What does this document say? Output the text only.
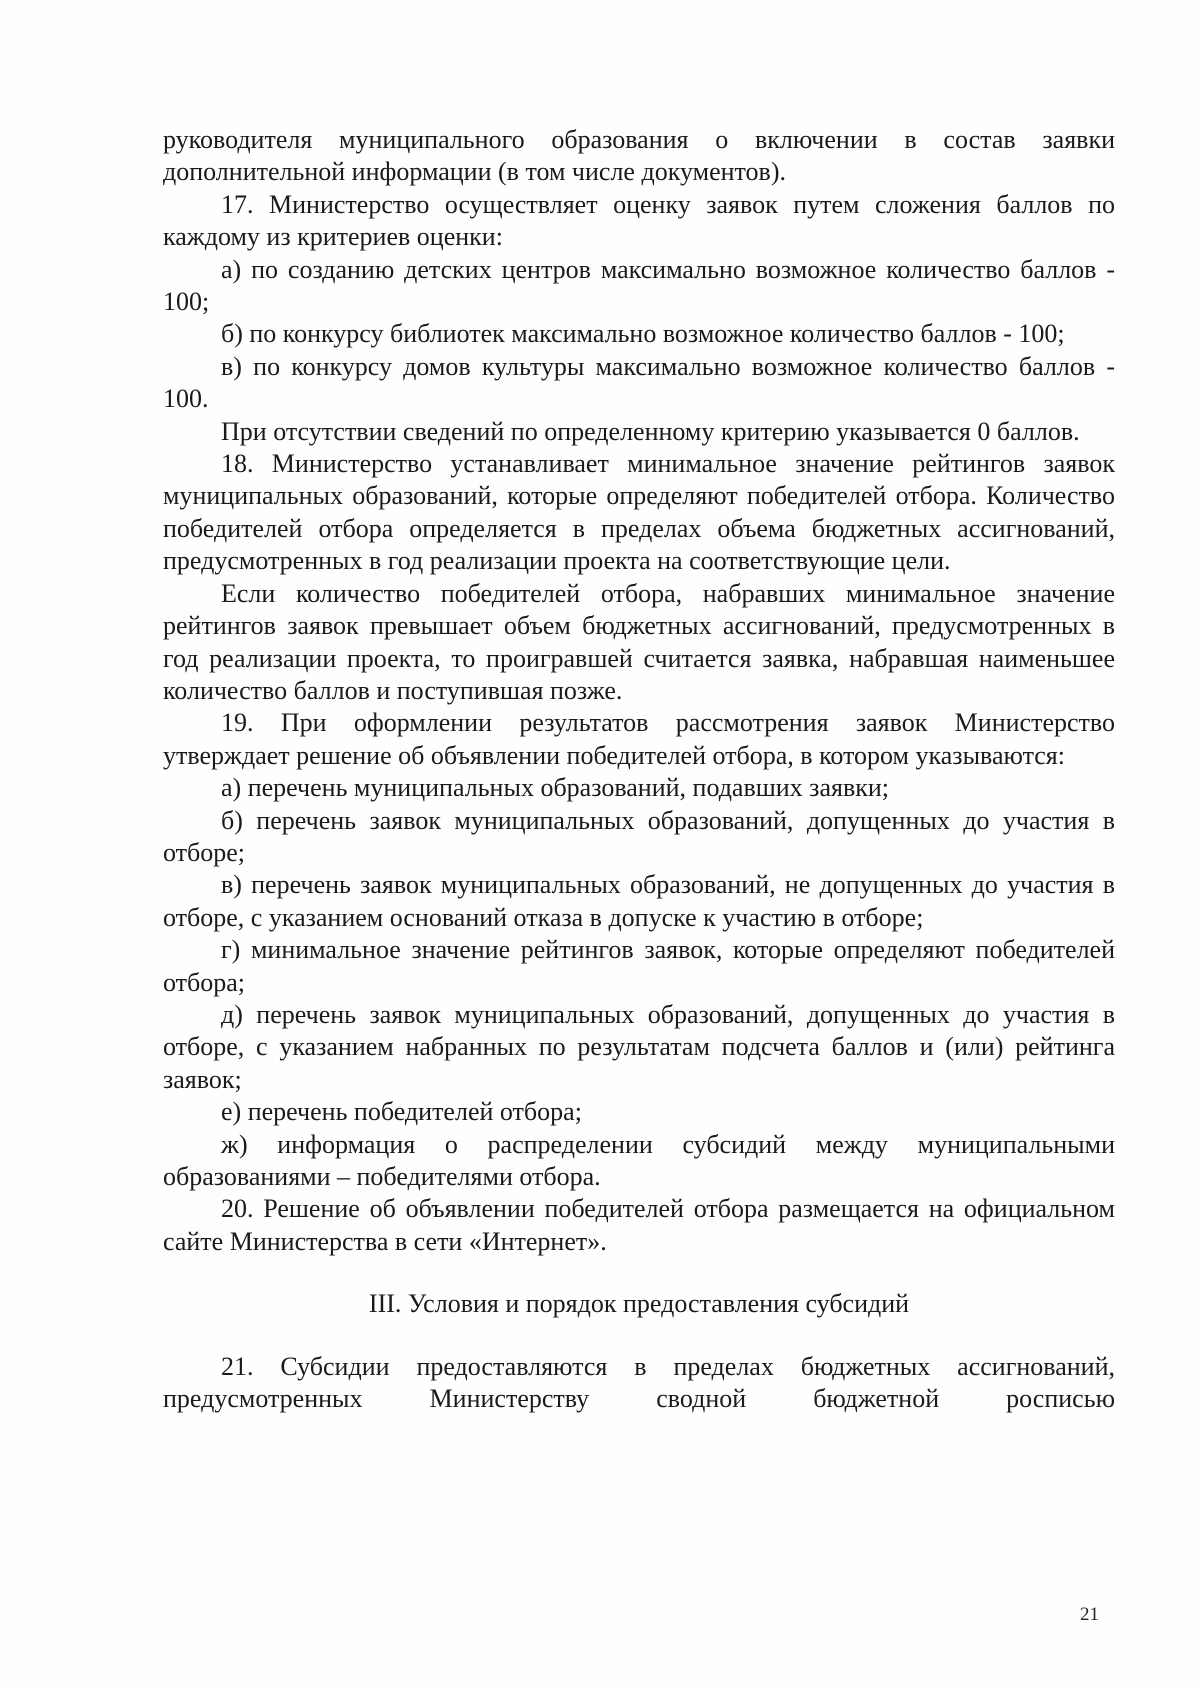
руководителя муниципального образования о включении в состав заявки дополнительной информации (в том числе документов).

17. Министерство осуществляет оценку заявок путем сложения баллов по каждому из критериев оценки:

а) по созданию детских центров максимально возможное количество баллов - 100;

б) по конкурсу библиотек максимально возможное количество баллов - 100;

в) по конкурсу домов культуры максимально возможное количество баллов - 100.

При отсутствии сведений по определенному критерию указывается 0 баллов.

18. Министерство устанавливает минимальное значение рейтингов заявок муниципальных образований, которые определяют победителей отбора. Количество победителей отбора определяется в пределах объема бюджетных ассигнований, предусмотренных в год реализации проекта на соответствующие цели.

Если количество победителей отбора, набравших минимальное значение рейтингов заявок превышает объем бюджетных ассигнований, предусмотренных в год реализации проекта, то проигравшей считается заявка, набравшая наименьшее количество баллов и поступившая позже.

19. При оформлении результатов рассмотрения заявок Министерство утверждает решение об объявлении победителей отбора, в котором указываются:

а) перечень муниципальных образований, подавших заявки;

б) перечень заявок муниципальных образований, допущенных до участия в отборе;

в) перечень заявок муниципальных образований, не допущенных до участия в отборе, с указанием оснований отказа в допуске к участию в отборе;

г) минимальное значение рейтингов заявок, которые определяют победителей отбора;

д) перечень заявок муниципальных образований, допущенных до участия в отборе, с указанием набранных по результатам подсчета баллов и (или) рейтинга заявок;

е) перечень победителей отбора;

ж) информация о распределении субсидий между муниципальными образованиями – победителями отбора.

20. Решение об объявлении победителей отбора размещается на официальном сайте Министерства в сети «Интернет».

III. Условия и порядок предоставления субсидий

21. Субсидии предоставляются в пределах бюджетных ассигнований, предусмотренных Министерству сводной бюджетной росписью

21
